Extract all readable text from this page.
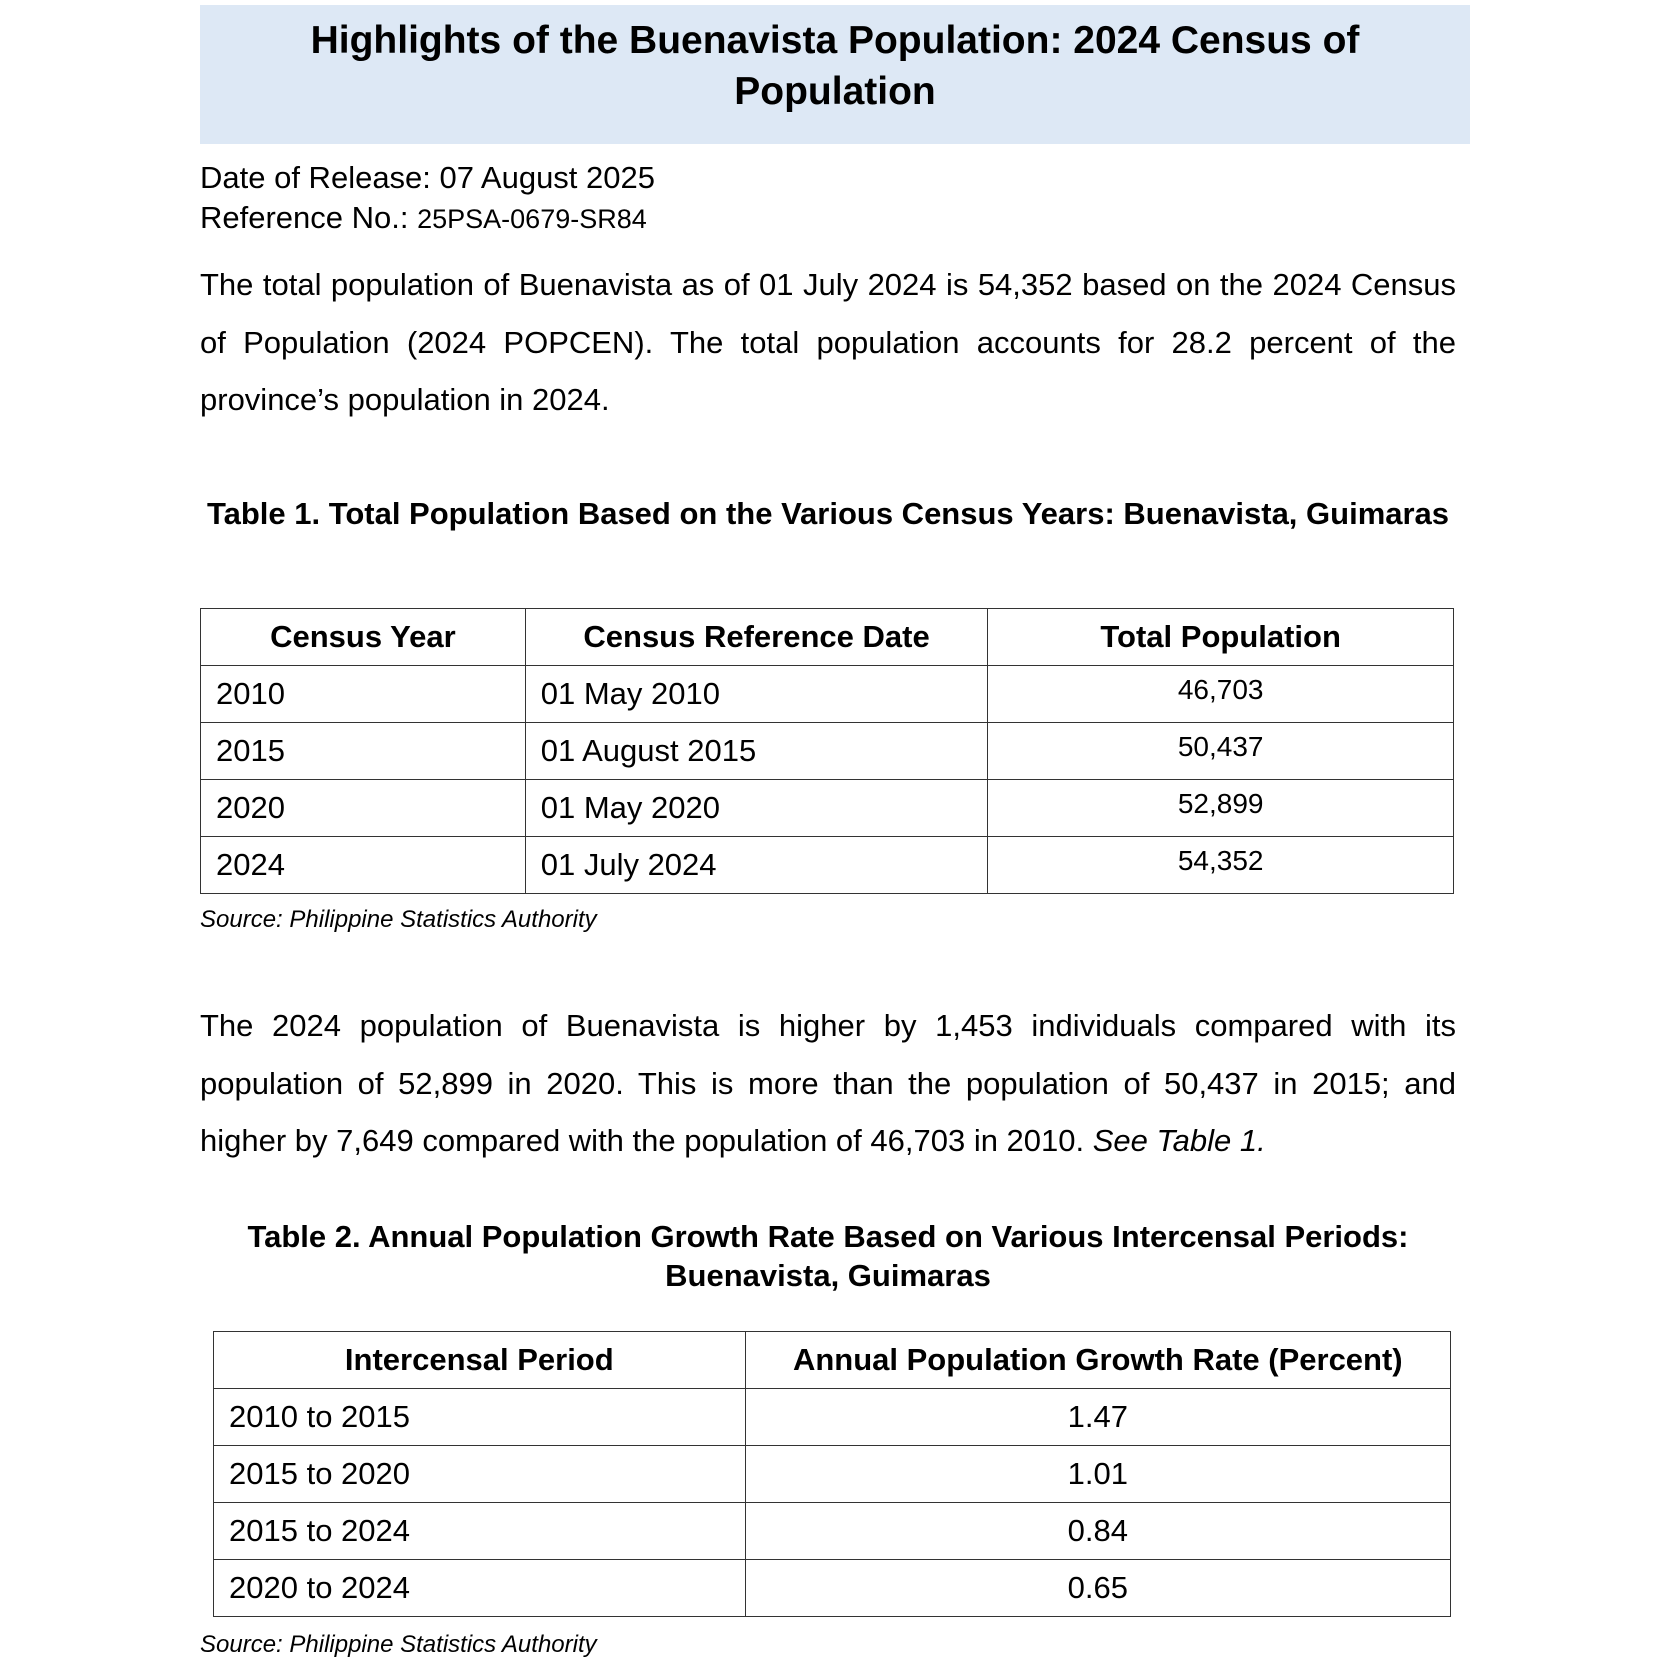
Highlights of the Buenavista Population: 2024 Census of Population
Date of Release: 07 August 2025
Reference No.: 25PSA-0679-SR84

The total population of Buenavista as of 01 July 2024 is 54,352 based on the 2024 Census of Population (2024 POPCEN). The total population accounts for 28.2 percent of the province’s population in 2024.

Table 1. Total Population Based on the Various Census Years: Buenavista, Guimaras
Census Year	Census Reference Date	Total Population
2010	01 May 2010	46,703
2015	01 August 2015	50,437
2020	01 May 2020	52,899
2024	01 July 2024	54,352
Source: Philippine Statistics Authority

The 2024 population of Buenavista is higher by 1,453 individuals compared with its population of 52,899 in 2020. This is more than the population of 50,437 in 2015; and higher by 7,649 compared with the population of 46,703 in 2010. See Table 1.

Table 2. Annual Population Growth Rate Based on Various Intercensal Periods: Buenavista, Guimaras
Intercensal Period	Annual Population Growth Rate (Percent)
2010 to 2015	1.47
2015 to 2020	1.01
2015 to 2024	0.84
2020 to 2024	0.65
Source: Philippine Statistics Authority
